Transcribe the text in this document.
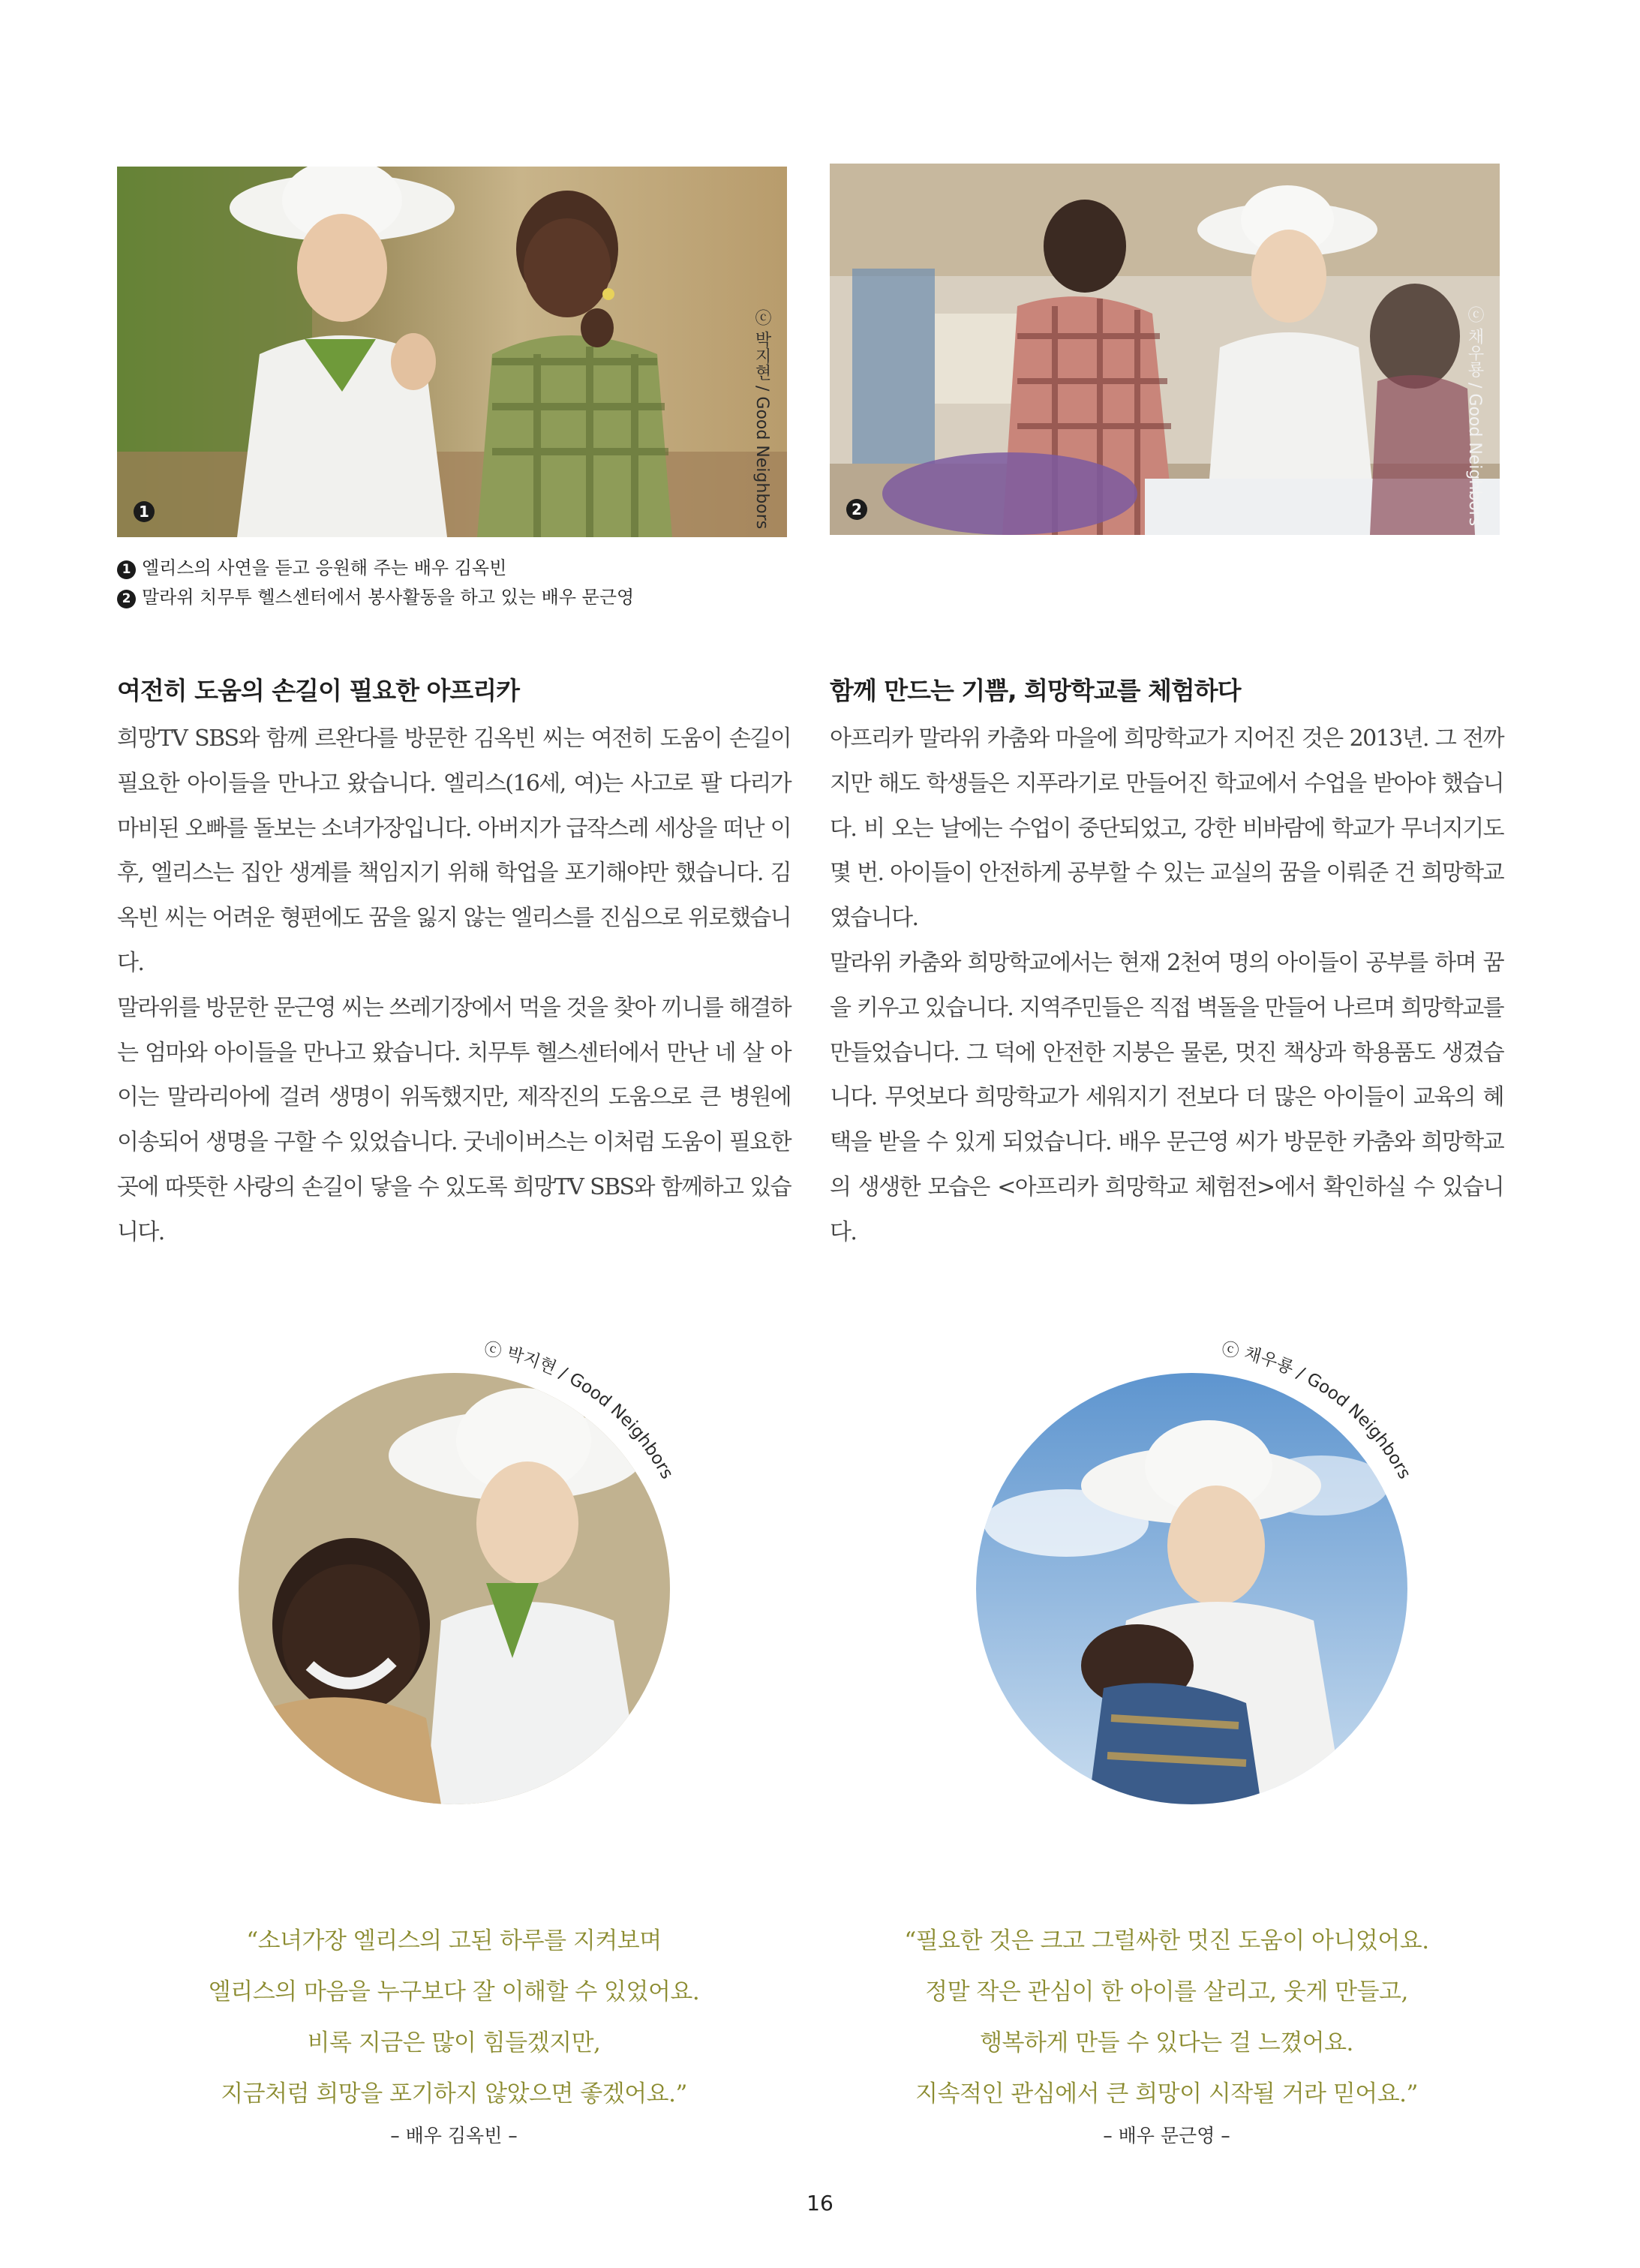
1	ⓒ 박지현 / Good Neighbors	2	ⓒ 채우룡 / Good Neighbors
1 엘리스의 사연을 듣고 응원해 주는 배우 김옥빈
2 말라위 치무투 헬스센터에서 봉사활동을 하고 있는 배우 문근영
여전히 도움의 손길이 필요한 아프리카

희망TV SBS와 함께 르완다를 방문한 김옥빈 씨는 여전히 도움이 손길이 필요한 아이들을 만나고 왔습니다. 엘리스(16세, 여)는 사고로 팔 다리가 마비된 오빠를 돌보는 소녀가장입니다. 아버지가 급작스레 세상을 떠난 이후, 엘리스는 집안 생계를 책임지기 위해 학업을 포기해야만 했습니다. 김옥빈 씨는 어려운 형편에도 꿈을 잃지 않는 엘리스를 진심으로 위로했습니다.

말라위를 방문한 문근영 씨는 쓰레기장에서 먹을 것을 찾아 끼니를 해결하는 엄마와 아이들을 만나고 왔습니다. 치무투 헬스센터에서 만난 네 살 아이는 말라리아에 걸려 생명이 위독했지만, 제작진의 도움으로 큰 병원에 이송되어 생명을 구할 수 있었습니다. 굿네이버스는 이처럼 도움이 필요한 곳에 따뜻한 사랑의 손길이 닿을 수 있도록 희망TV SBS와 함께하고 있습니다.

함께 만드는 기쁨, 희망학교를 체험하다

아프리카 말라위 카춤와 마을에 희망학교가 지어진 것은 2013년. 그 전까지만 해도 학생들은 지푸라기로 만들어진 학교에서 수업을 받아야 했습니다. 비 오는 날에는 수업이 중단되었고, 강한 비바람에 학교가 무너지기도 몇 번. 아이들이 안전하게 공부할 수 있는 교실의 꿈을 이뤄준 건 희망학교였습니다.

말라위 카춤와 희망학교에서는 현재 2천여 명의 아이들이 공부를 하며 꿈을 키우고 있습니다. 지역주민들은 직접 벽돌을 만들어 나르며 희망학교를 만들었습니다. 그 덕에 안전한 지붕은 물론, 멋진 책상과 학용품도 생겼습니다. 무엇보다 희망학교가 세워지기 전보다 더 많은 아이들이 교육의 혜택을 받을 수 있게 되었습니다. 배우 문근영 씨가 방문한 카춤와 희망학교의 생생한 모습은 <아프리카 희망학교 체험전>에서 확인하실 수 있습니다.

ⓒ 박지현 / Good Neighbors
ⓒ 채우룡 / Good Neighbors
“소녀가장 엘리스의 고된 하루를 지켜보며
엘리스의 마음을 누구보다 잘 이해할 수 있었어요.
비록 지금은 많이 힘들겠지만,
지금처럼 희망을 포기하지 않았으면 좋겠어요.”
– 배우 김옥빈 –
“필요한 것은 크고 그럴싸한 멋진 도움이 아니었어요.
정말 작은 관심이 한 아이를 살리고, 웃게 만들고,
행복하게 만들 수 있다는 걸 느꼈어요.
지속적인 관심에서 큰 희망이 시작될 거라 믿어요.”
– 배우 문근영 –
16
